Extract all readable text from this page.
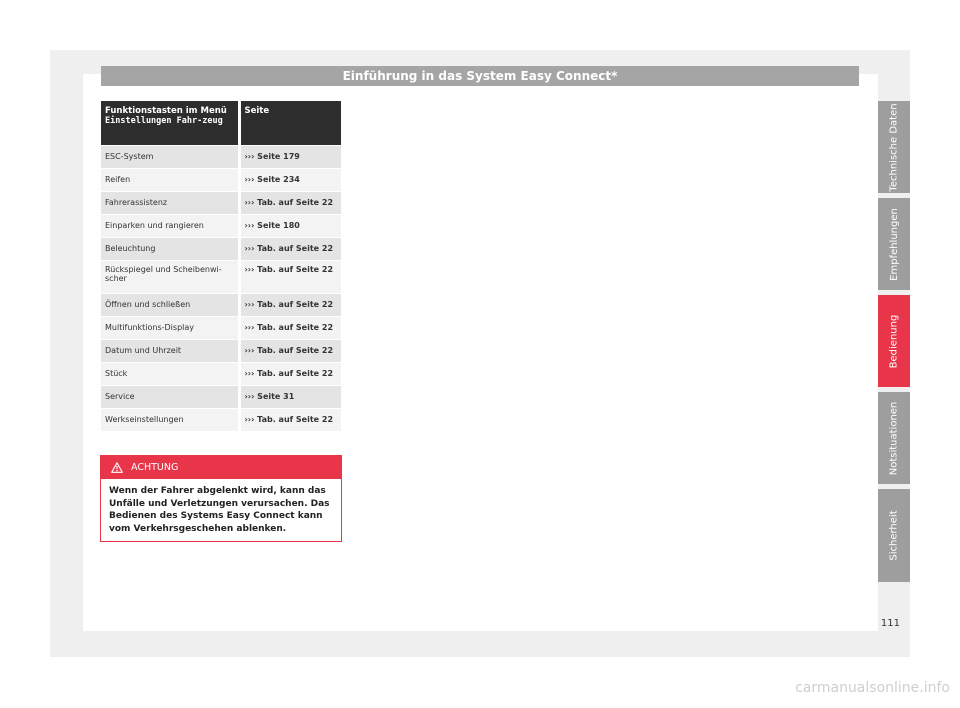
Einführung in das System Easy Connect*
Funktionstasten im Menü
Einstellungen Fahr-zeug	Seite
ESC-System	››› Seite 179
Reifen	››› Seite 234
Fahrerassistenz	››› Tab. auf Seite 22
Einparken und rangieren	››› Seite 180
Beleuchtung	››› Tab. auf Seite 22
Rückspiegel und Scheibenwi-scher	››› Tab. auf Seite 22
Öffnen und schließen	››› Tab. auf Seite 22
Multifunktions-Display	››› Tab. auf Seite 22
Datum und Uhrzeit	››› Tab. auf Seite 22
Stück	››› Tab. auf Seite 22
Service	››› Seite 31
Werkseinstellungen	››› Tab. auf Seite 22
ACHTUNG
Wenn der Fahrer abgelenkt wird, kann das Unfälle und Verletzungen verursachen. Das Bedienen des Systems Easy Connect kann vom Verkehrsgeschehen ablenken.
Technische Daten
Empfehlungen
Bedienung
Notsituationen
Sicherheit
111
carmanualsonline.info
